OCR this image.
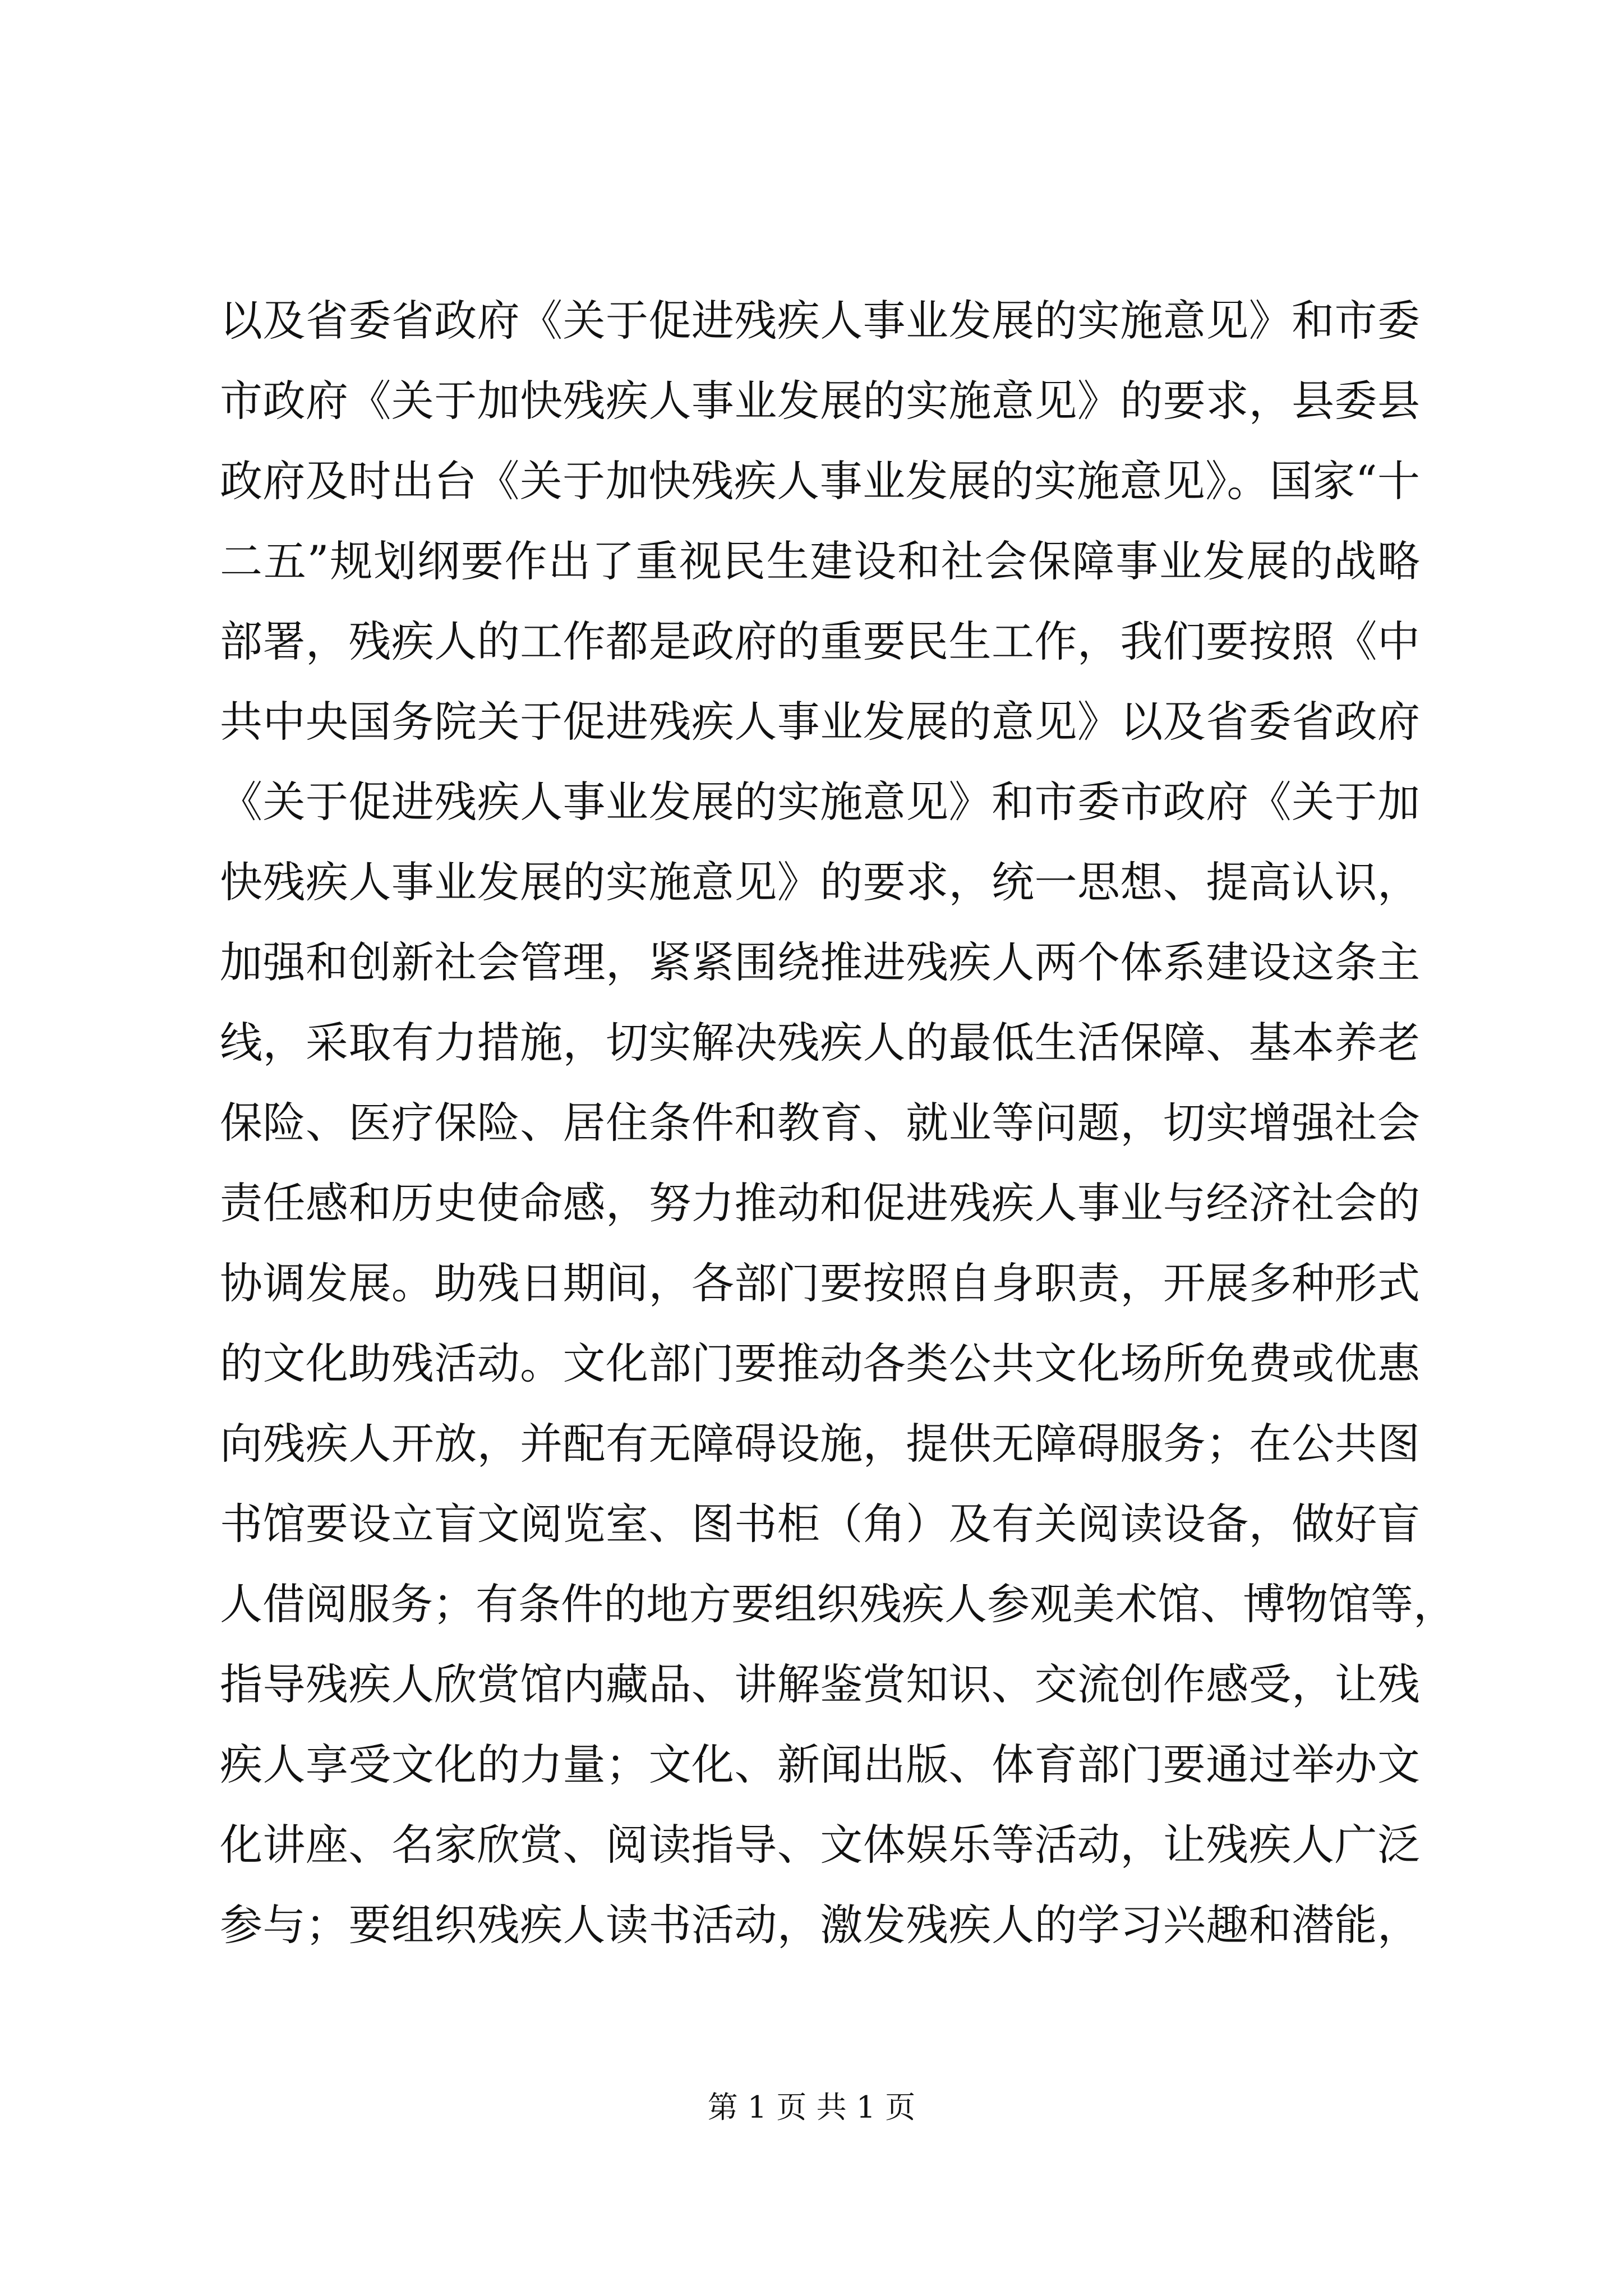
以及省委省政府《关于促进残疾人事业发展的实施意见》和市委
市政府《关于加快残疾人事业发展的实施意见》的要求，县委县
政府及时出台《关于加快残疾人事业发展的实施意见》。国家“十
二五”规划纲要作出了重视民生建设和社会保障事业发展的战略
部署，残疾人的工作都是政府的重要民生工作，我们要按照《中
共中央国务院关于促进残疾人事业发展的意见》以及省委省政府
《关于促进残疾人事业发展的实施意见》和市委市政府《关于加
快残疾人事业发展的实施意见》的要求，统一思想、提高认识，
加强和创新社会管理，紧紧围绕推进残疾人两个体系建设这条主
线，采取有力措施，切实解决残疾人的最低生活保障、基本养老
保险、医疗保险、居住条件和教育、就业等问题，切实增强社会
责任感和历史使命感，努力推动和促进残疾人事业与经济社会的
协调发展。助残日期间，各部门要按照自身职责，开展多种形式
的文化助残活动。文化部门要推动各类公共文化场所免费或优惠
向残疾人开放，并配有无障碍设施，提供无障碍服务；在公共图
书馆要设立盲文阅览室、图书柜（角）及有关阅读设备，做好盲
人借阅服务；有条件的地方要组织残疾人参观美术馆、博物馆等，
指导残疾人欣赏馆内藏品、讲解鉴赏知识、交流创作感受，让残
疾人享受文化的力量；文化、新闻出版、体育部门要通过举办文
化讲座、名家欣赏、阅读指导、文体娱乐等活动，让残疾人广泛
参与；要组织残疾人读书活动，激发残疾人的学习兴趣和潜能，
第 1 页 共 1 页
